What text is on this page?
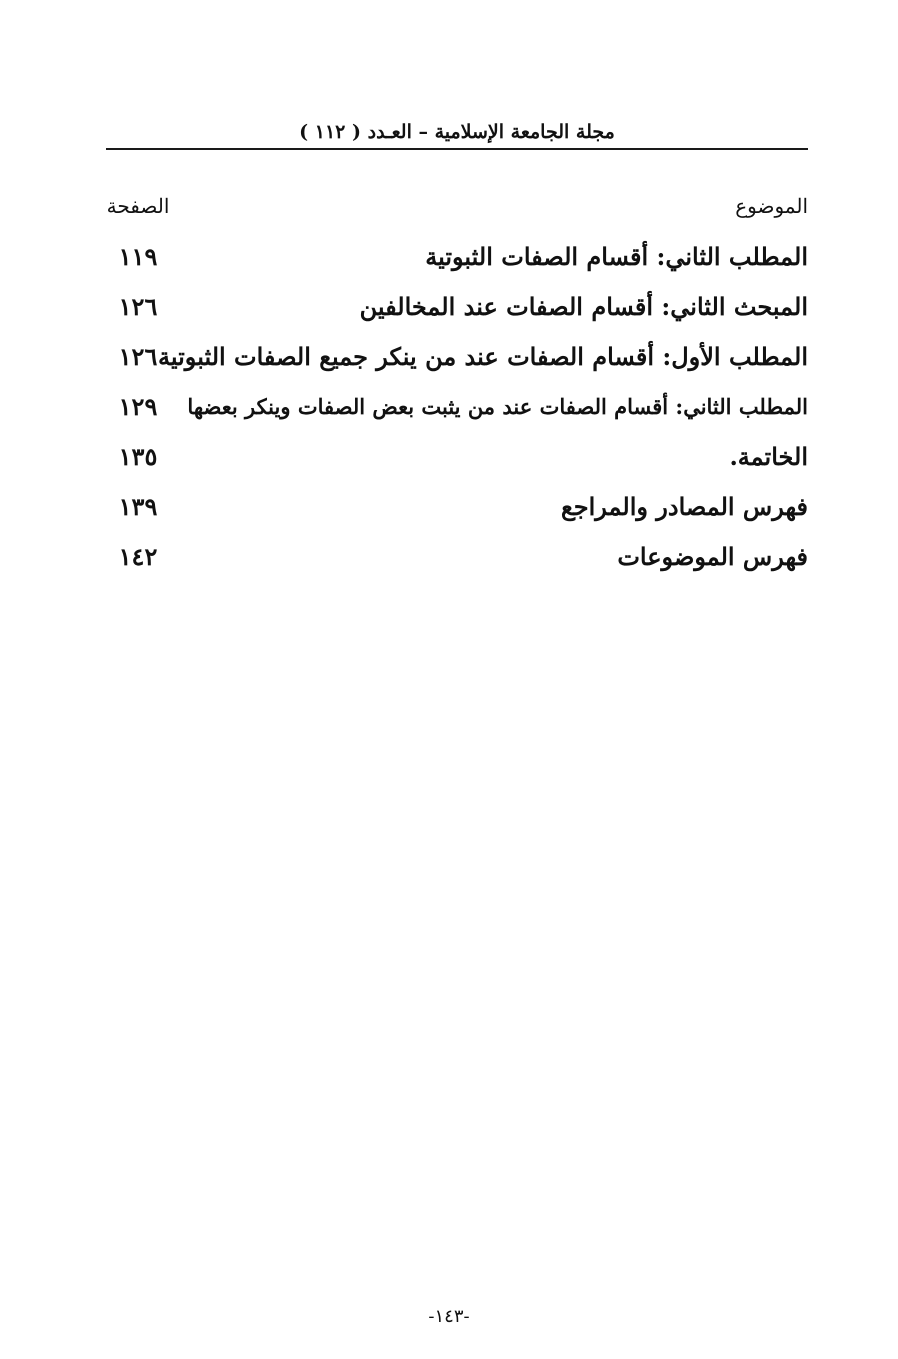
مجلة الجامعة الإسلامية – العـدد ( ١١٢ )
الموضوع
الصفحة
المطلب الثاني: أقسام الصفات الثبوتية
١١٩
المبحث الثاني: أقسام الصفات عند المخالفين
١٢٦
المطلب الأول: أقسام الصفات عند من ينكر جميع الصفات الثبوتية
١٢٦
المطلب الثاني: أقسام الصفات عند من يثبت بعض الصفات وينكر بعضها
١٢٩
الخاتمة.
١٣٥
فهرس المصادر والمراجع
١٣٩
فهرس الموضوعات
١٤٢
-١٤٣-
